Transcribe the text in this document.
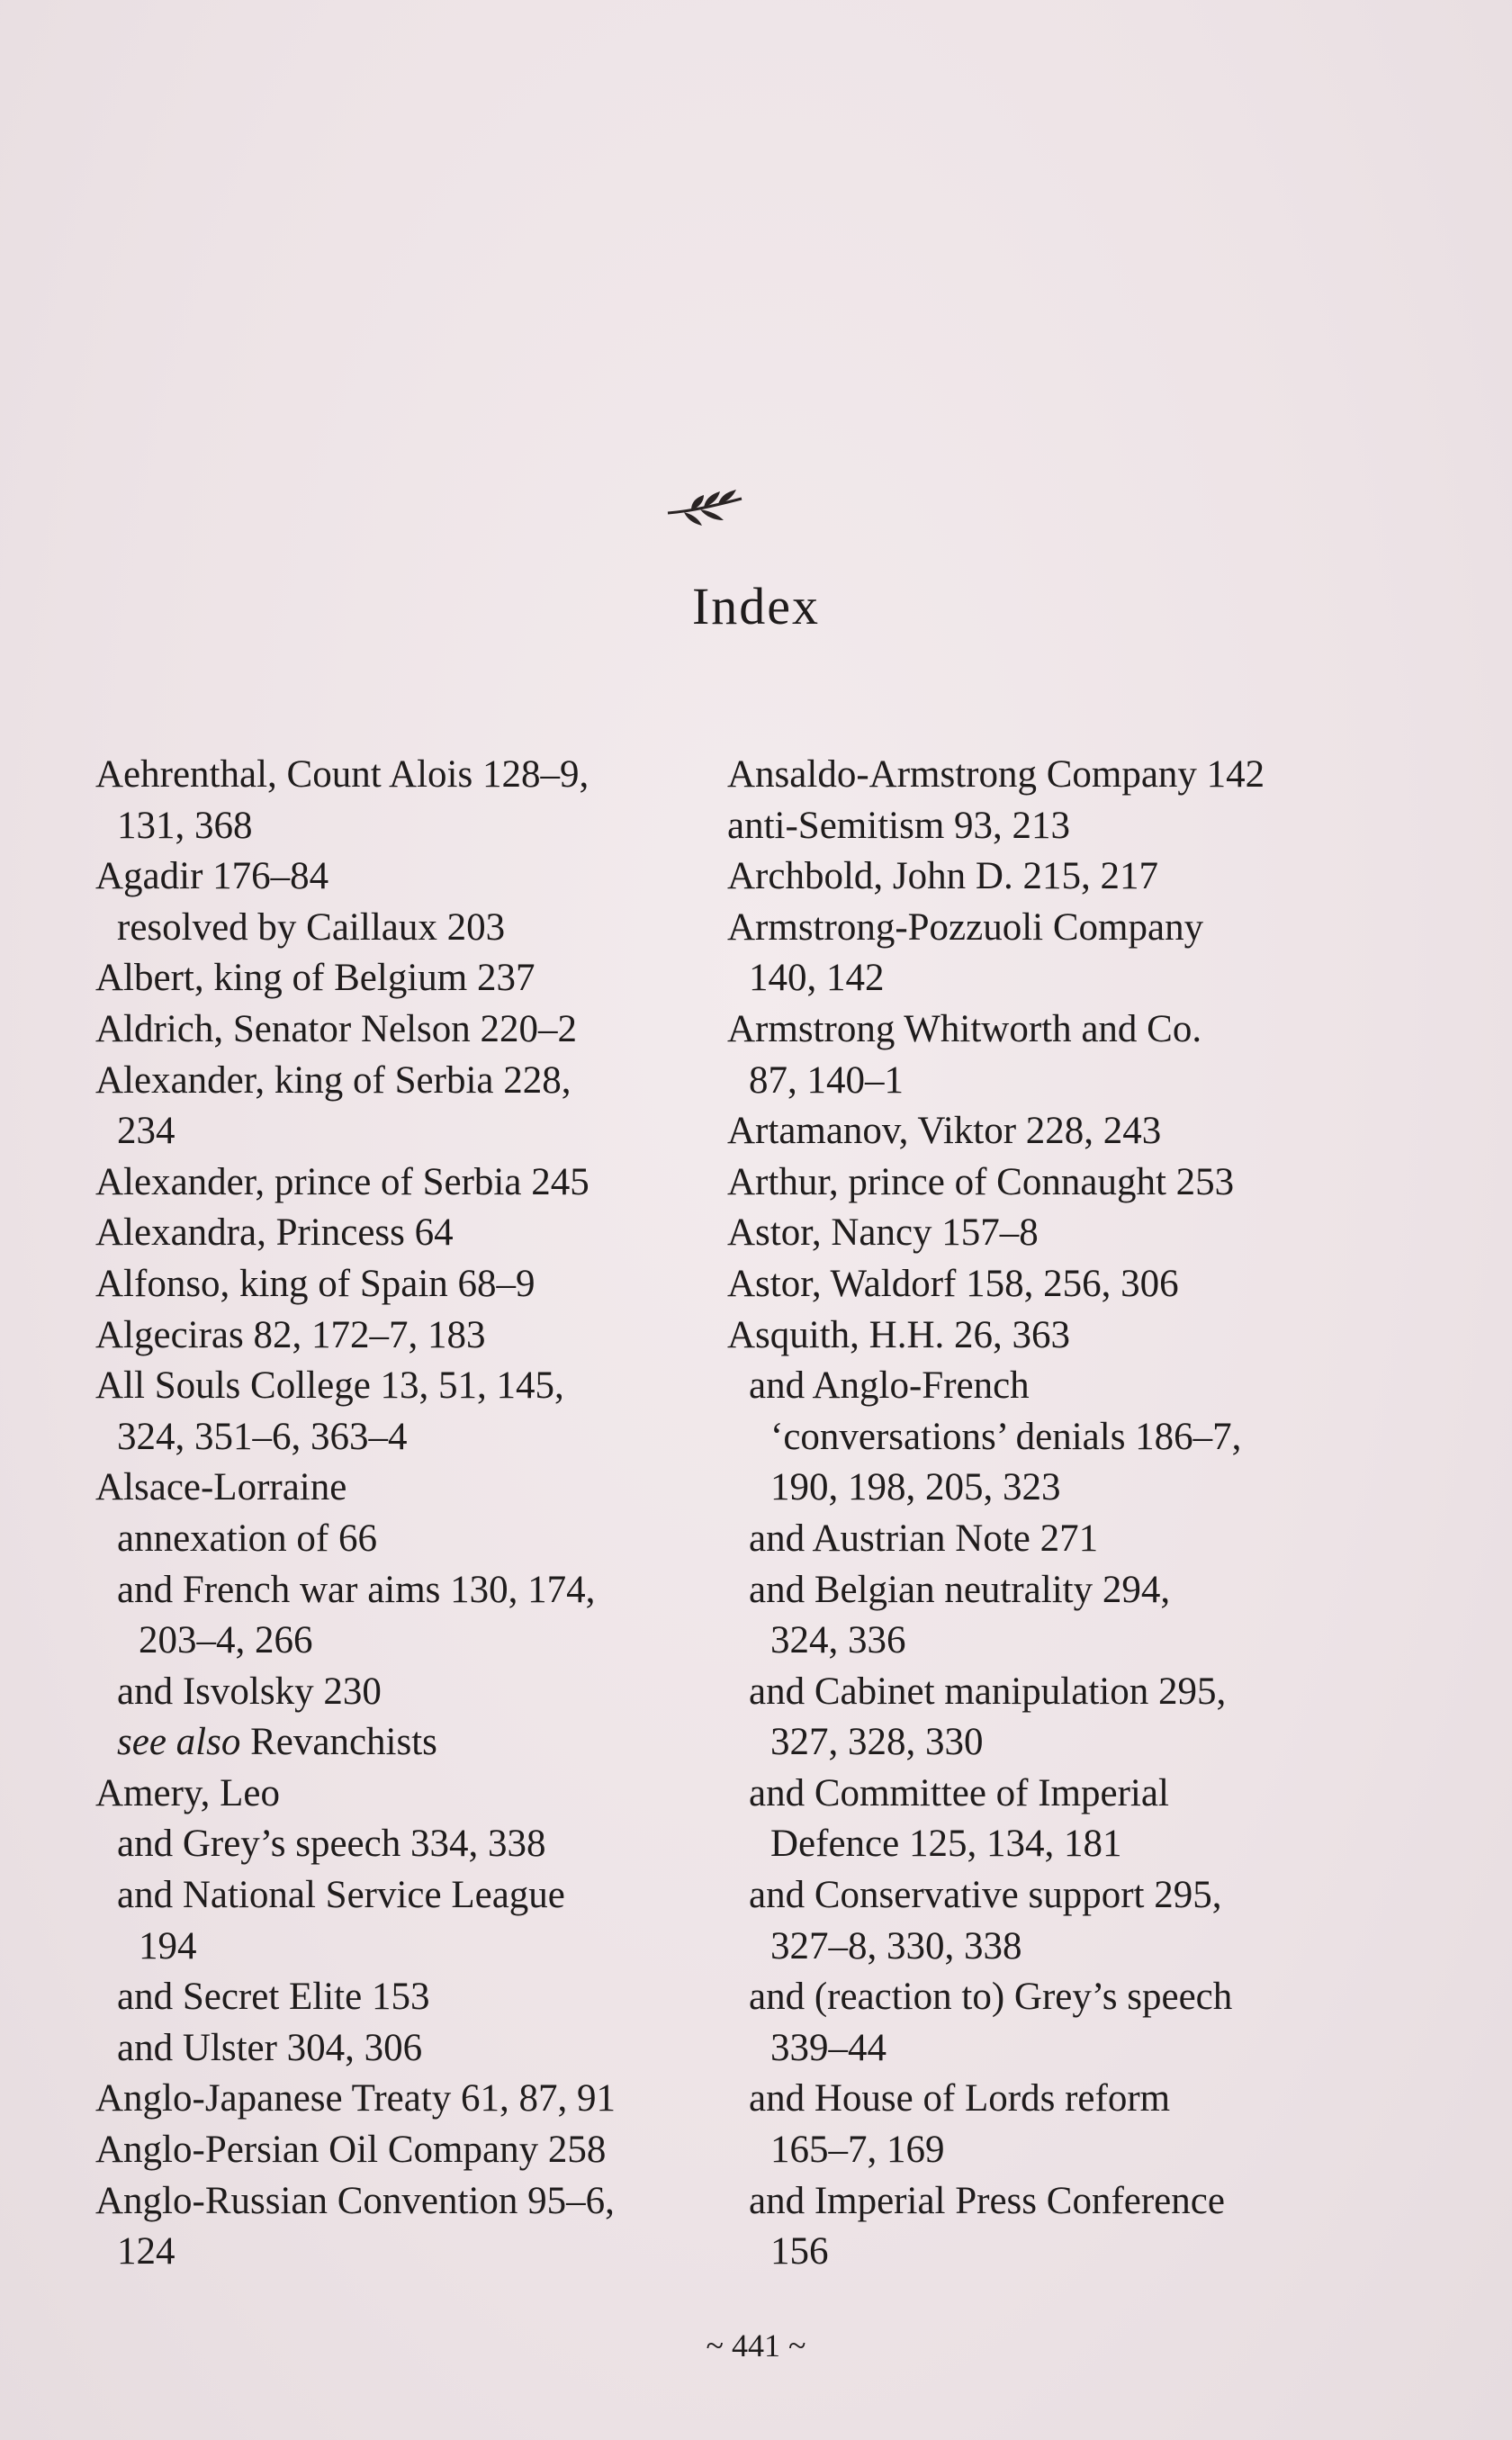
Index
Aehrenthal, Count Alois 128–9,
131, 368
Agadir 176–84
resolved by Caillaux 203
Albert, king of Belgium 237
Aldrich, Senator Nelson 220–2
Alexander, king of Serbia 228,
234
Alexander, prince of Serbia 245
Alexandra, Princess 64
Alfonso, king of Spain 68–9
Algeciras 82, 172–7, 183
All Souls College 13, 51, 145,
324, 351–6, 363–4
Alsace-Lorraine
annexation of 66
and French war aims 130, 174,
203–4, 266
and Isvolsky 230
see also Revanchists
Amery, Leo
and Grey’s speech 334, 338
and National Service League
194
and Secret Elite 153
and Ulster 304, 306
Anglo-Japanese Treaty 61, 87, 91
Anglo-Persian Oil Company 258
Anglo-Russian Convention 95–6,
124
Ansaldo-Armstrong Company 142
anti-Semitism 93, 213
Archbold, John D. 215, 217
Armstrong-Pozzuoli Company
140, 142
Armstrong Whitworth and Co.
87, 140–1
Artamanov, Viktor 228, 243
Arthur, prince of Connaught 253
Astor, Nancy 157–8
Astor, Waldorf 158, 256, 306
Asquith, H.H. 26, 363
and Anglo-French
‘conversations’ denials 186–7,
190, 198, 205, 323
and Austrian Note 271
and Belgian neutrality 294,
324, 336
and Cabinet manipulation 295,
327, 328, 330
and Committee of Imperial
Defence 125, 134, 181
and Conservative support 295,
327–8, 330, 338
and (reaction to) Grey’s speech
339–44
and House of Lords reform
165–7, 169
and Imperial Press Conference
156
~ 441 ~
